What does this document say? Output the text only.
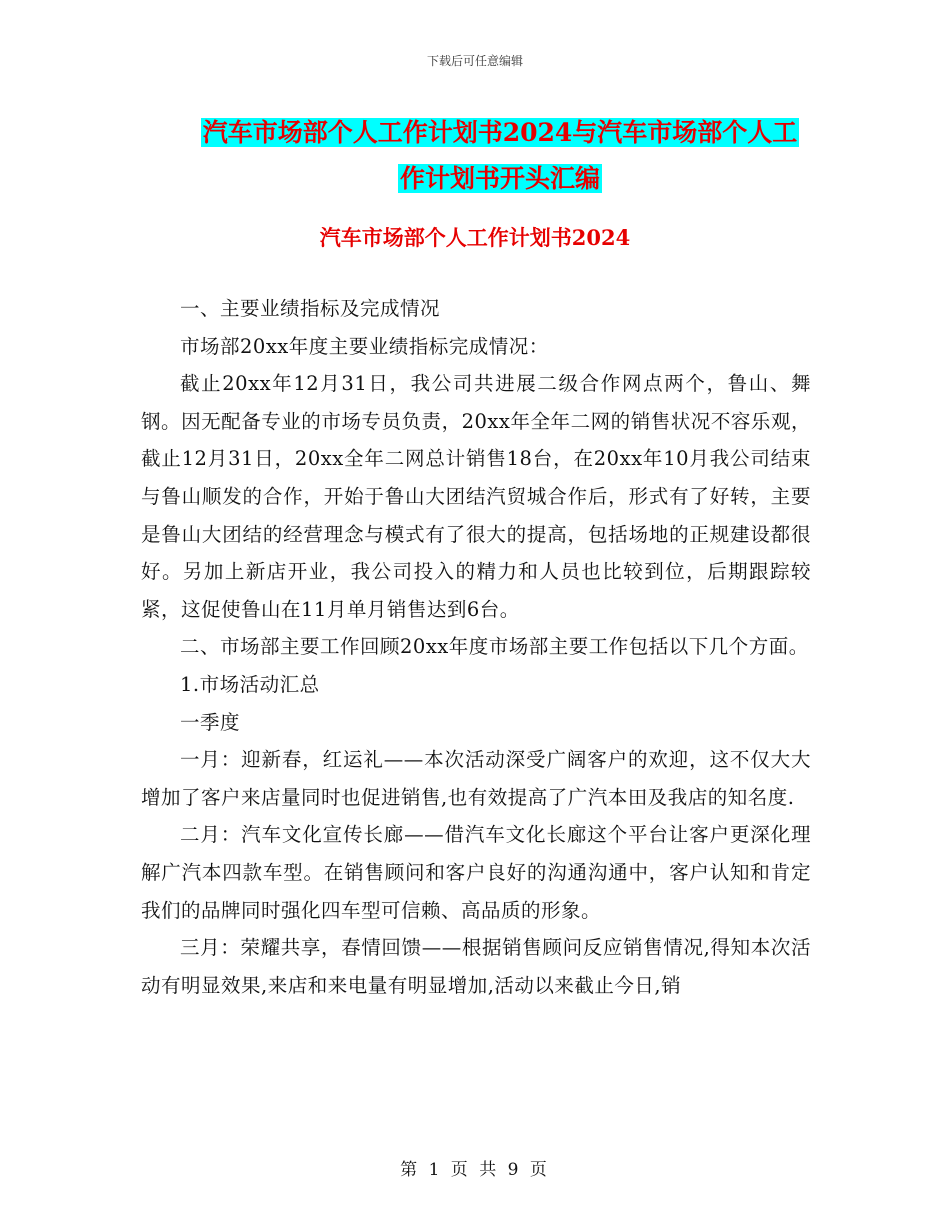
下载后可任意编辑
汽车市场部个人工作计划书2024与汽车市场部个人工
作计划书开头汇编
汽车市场部个人工作计划书2024

一、主要业绩指标及完成情况

市场部20xx年度主要业绩指标完成情况：

截止20xx年12月31日，我公司共进展二级合作网点两个，鲁山、舞钢。因无配备专业的市场专员负责，20xx年全年二网的销售状况不容乐观，截止12月31日，20xx全年二网总计销售18台，在20xx年10月我公司结束与鲁山顺发的合作，开始于鲁山大团结汽贸城合作后，形式有了好转，主要是鲁山大团结的经营理念与模式有了很大的提高，包括场地的正规建设都很好。另加上新店开业，我公司投入的精力和人员也比较到位，后期跟踪较紧，这促使鲁山在11月单月销售达到6台。

二、市场部主要工作回顾20xx年度市场部主要工作包括以下几个方面。

1.市场活动汇总

一季度

一月：迎新春，红运礼——本次活动深受广阔客户的欢迎，这不仅大大增加了客户来店量同时也促进销售,也有效提高了广汽本田及我店的知名度.

二月：汽车文化宣传长廊——借汽车文化长廊这个平台让客户更深化理解广汽本四款车型。在销售顾问和客户良好的沟通沟通中，客户认知和肯定我们的品牌同时强化四车型可信赖、高品质的形象。

三月：荣耀共享，春情回馈——根据销售顾问反应销售情况,得知本次活动有明显效果,来店和来电量有明显增加,活动以来截止今日,销

第 1 页 共 9 页
